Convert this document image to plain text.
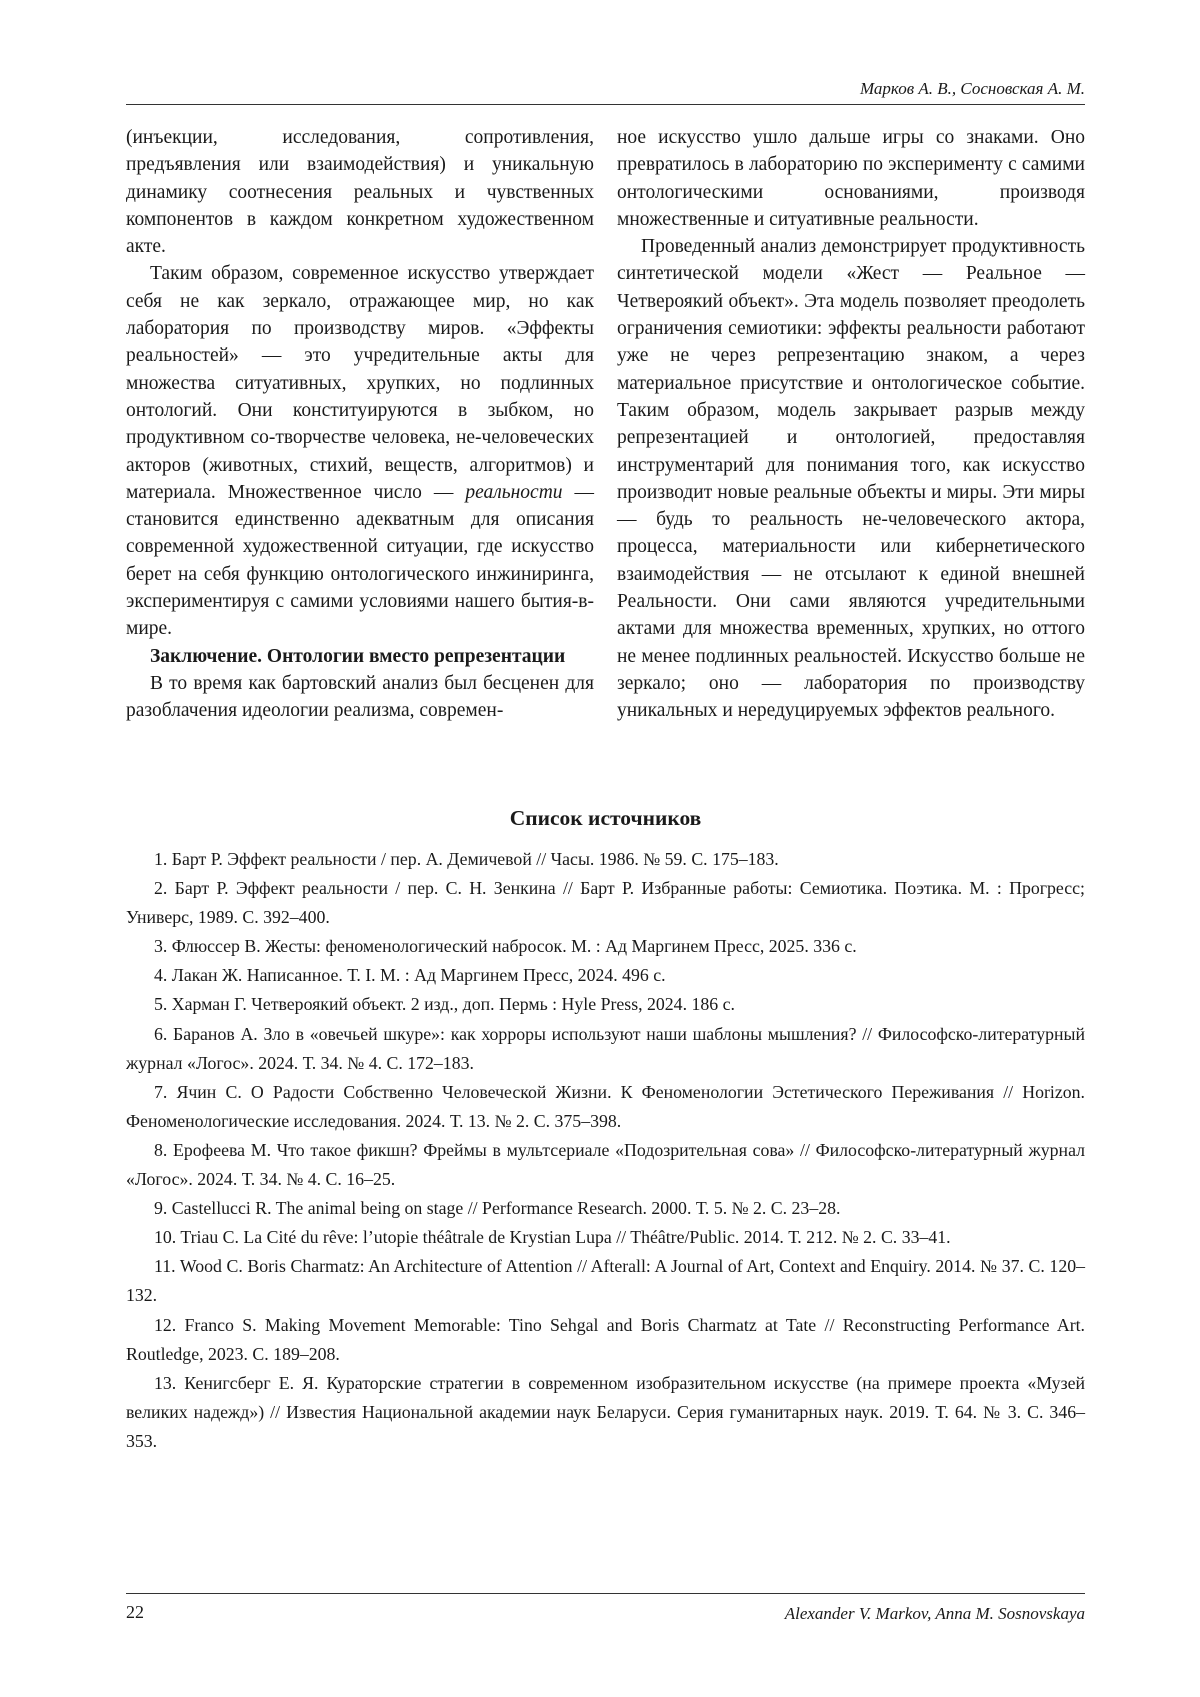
Марков А. В., Сосновская А. М.

(инъекции, исследования, сопротивления, предъявления или взаимодействия) и уникальную динамику соотнесения реальных и чувственных компонентов в каждом конкретном художественном акте.

Таким образом, современное искусство утверждает себя не как зеркало, отражающее мир, но как лаборатория по производству миров. «Эффекты реальностей» — это учредительные акты для множества ситуативных, хрупких, но подлинных онтологий. Они конституируются в зыбком, но продуктивном со-творчестве человека, не-человеческих акторов (животных, стихий, веществ, алгоритмов) и материала. Множественное число — реальности — становится единственно адекватным для описания современной художественной ситуации, где искусство берет на себя функцию онтологического инжиниринга, экспериментируя с самими условиями нашего бытия-в-мире.

Заключение. Онтологии вместо репрезентации

В то время как бартовский анализ был бесценен для разоблачения идеологии реализма, современ-

ное искусство ушло дальше игры со знаками. Оно превратилось в лабораторию по эксперименту с самими онтологическими основаниями, производя множественные и ситуативные реальности.

Проведенный анализ демонстрирует продуктивность синтетической модели «Жест — Реальное — Четвероякий объект». Эта модель позволяет преодолеть ограничения семиотики: эффекты реальности работают уже не через репрезентацию знаком, а через материальное присутствие и онтологическое событие. Таким образом, модель закрывает разрыв между репрезентацией и онтологией, предоставляя инструментарий для понимания того, как искусство производит новые реальные объекты и миры. Эти миры — будь то реальность не-человеческого актора, процесса, материальности или кибернетического взаимодействия — не отсылают к единой внешней Реальности. Они сами являются учредительными актами для множества временных, хрупких, но оттого не менее подлинных реальностей. Искусство больше не зеркало; оно — лаборатория по производству уникальных и нередуцируемых эффектов реального.

Список источников

1. Барт Р. Эффект реальности / пер. А. Демичевой // Часы. 1986. № 59. С. 175–183.

2. Барт Р. Эффект реальности / пер. С. Н. Зенкина // Барт Р. Избранные работы: Семиотика. Поэтика. М. : Прогресс; Универс, 1989. С. 392–400.

3. Флюссер В. Жесты: феноменологический набросок. М. : Ад Маргинем Пресс, 2025. 336 с.

4. Лакан Ж. Написанное. Т. I. М. : Ад Маргинем Пресс, 2024. 496 с.

5. Харман Г. Четвероякий объект. 2 изд., доп. Пермь : Hyle Press, 2024. 186 с.

6. Баранов А. Зло в «овечьей шкуре»: как хорроры используют наши шаблоны мышления? // Философско-литературный журнал «Логос». 2024. Т. 34. № 4. С. 172–183.

7. Ячин С. О Радости Собственно Человеческой Жизни. К Феноменологии Эстетического Переживания // Horizon. Феноменологические исследования. 2024. Т. 13. № 2. С. 375–398.

8. Ерофеева М. Что такое фикшн? Фреймы в мультсериале «Подозрительная сова» // Философско-литературный журнал «Логос». 2024. Т. 34. № 4. С. 16–25.

9. Castellucci R. The animal being on stage // Performance Research. 2000. Т. 5. № 2. С. 23–28.

10. Triau C. La Cité du rêve: l’utopie théâtrale de Krystian Lupa // Théâtre/Public. 2014. Т. 212. № 2. С. 33–41.

11. Wood C. Boris Charmatz: An Architecture of Attention // Afterall: A Journal of Art, Context and Enquiry. 2014. № 37. С. 120–132.

12. Franco S. Making Movement Memorable: Tino Sehgal and Boris Charmatz at Tate // Reconstructing Performance Art. Routledge, 2023. С. 189–208.

13. Кенигсберг Е. Я. Кураторские стратегии в современном изобразительном искусстве (на примере проекта «Музей великих надежд») // Известия Национальной академии наук Беларуси. Серия гуманитарных наук. 2019. Т. 64. № 3. С. 346–353.

22	Alexander V. Markov, Anna M. Sosnovskaya
